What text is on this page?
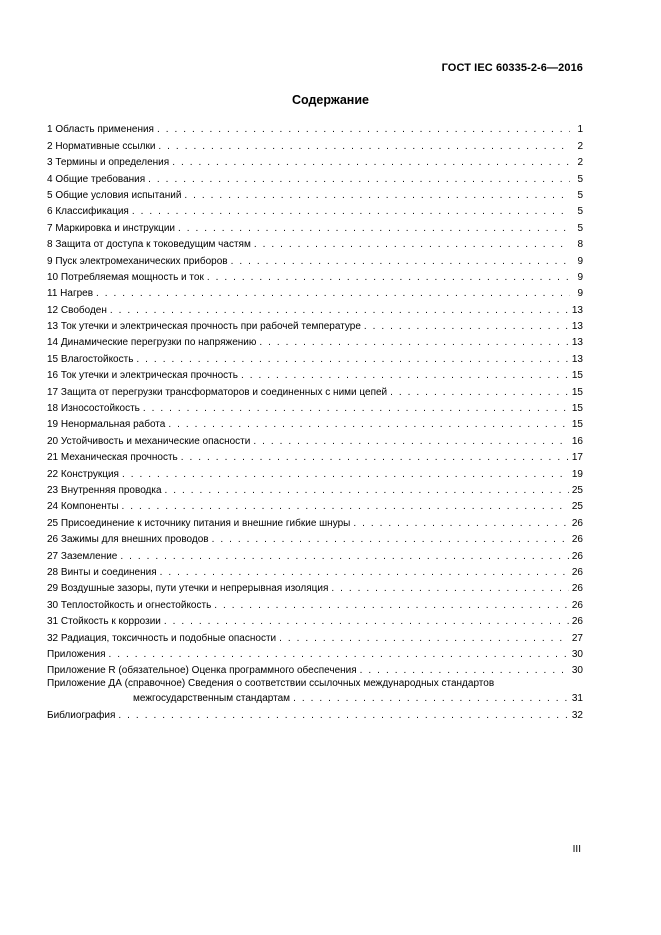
ГОСТ IEC 60335-2-6—2016
Содержание
1 Область применения . . .	1
2 Нормативные ссылки . . .	2
3 Термины и определения . . .	2
4 Общие требования . . .	5
5 Общие условия испытаний . . .	5
6 Классификация . . .	5
7 Маркировка и инструкции . . .	5
8 Защита от доступа к токоведущим частям . . .	8
9 Пуск электромеханических приборов . . .	9
10 Потребляемая мощность и ток . . .	9
11 Нагрев . . .	9
12 Свободен . . .	13
13 Ток утечки и электрическая прочность при рабочей температуре . . .	13
14 Динамические перегрузки по напряжению . . .	13
15 Влагостойкость . . .	13
16 Ток утечки и электрическая прочность . . .	15
17 Защита от перегрузки трансформаторов и соединенных с ними цепей . . .	15
18 Износостойкость . . .	15
19 Ненормальная работа . . .	15
20 Устойчивость и механические опасности . . .	16
21 Механическая прочность . . .	17
22 Конструкция . . .	19
23 Внутренняя проводка . . .	25
24 Компоненты . . .	25
25 Присоединение к источнику питания и внешние гибкие шнуры . . .	26
26 Зажимы для внешних проводов . . .	26
27 Заземление . . .	26
28 Винты и соединения . . .	26
29 Воздушные зазоры, пути утечки и непрерывная изоляция . . .	26
30 Теплостойкость и огнестойкость . . .	26
31 Стойкость к коррозии . . .	26
32 Радиация, токсичность и подобные опасности . . .	27
Приложения . . .	30
Приложение R (обязательное) Оценка программного обеспечения . . .	30
Приложение ДА (справочное) Сведения о соответствии ссылочных международных стандартов
межгосударственным стандартам . . .	31
Библиография . . .	32
III
